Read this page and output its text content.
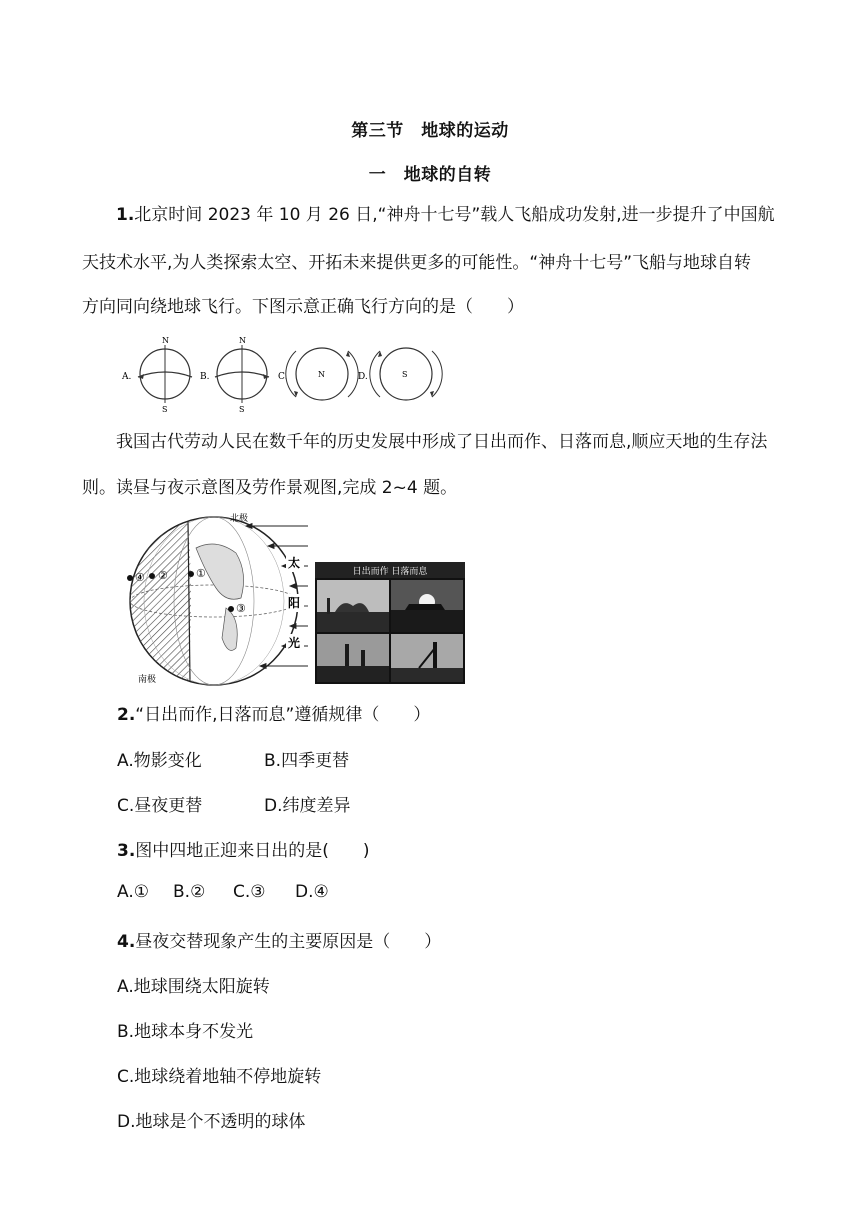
第三节　地球的运动
一　地球的自转
1.北京时间 2023 年 10 月 26 日,“神舟十七号”载人飞船成功发射,进一步提升了中国航
天技术水平,为人类探索太空、开拓未来提供更多的可能性。“神舟十七号”飞船与地球自转
方向同向绕地球飞行。下图示意正确飞行方向的是（　　）
A.
N
S
B.
N
S
C.	N	D.	S
我国古代劳动人民在数千年的历史发展中形成了日出而作、日落而息,顺应天地的生存法
则。读昼与夜示意图及劳作景观图,完成 2~4 题。
北极
南极
④ ②	①
③
太
阳
光
日出而作 日落而息
2.“日出而作,日落而息”遵循规律（　　）
A.物影变化	B.四季更替
C.昼夜更替	D.纬度差异
3.图中四地正迎来日出的是(　　)
A.① B.② C.③ D.④
4.昼夜交替现象产生的主要原因是（　　）
A.地球围绕太阳旋转
B.地球本身不发光
C.地球绕着地轴不停地旋转
D.地球是个不透明的球体
